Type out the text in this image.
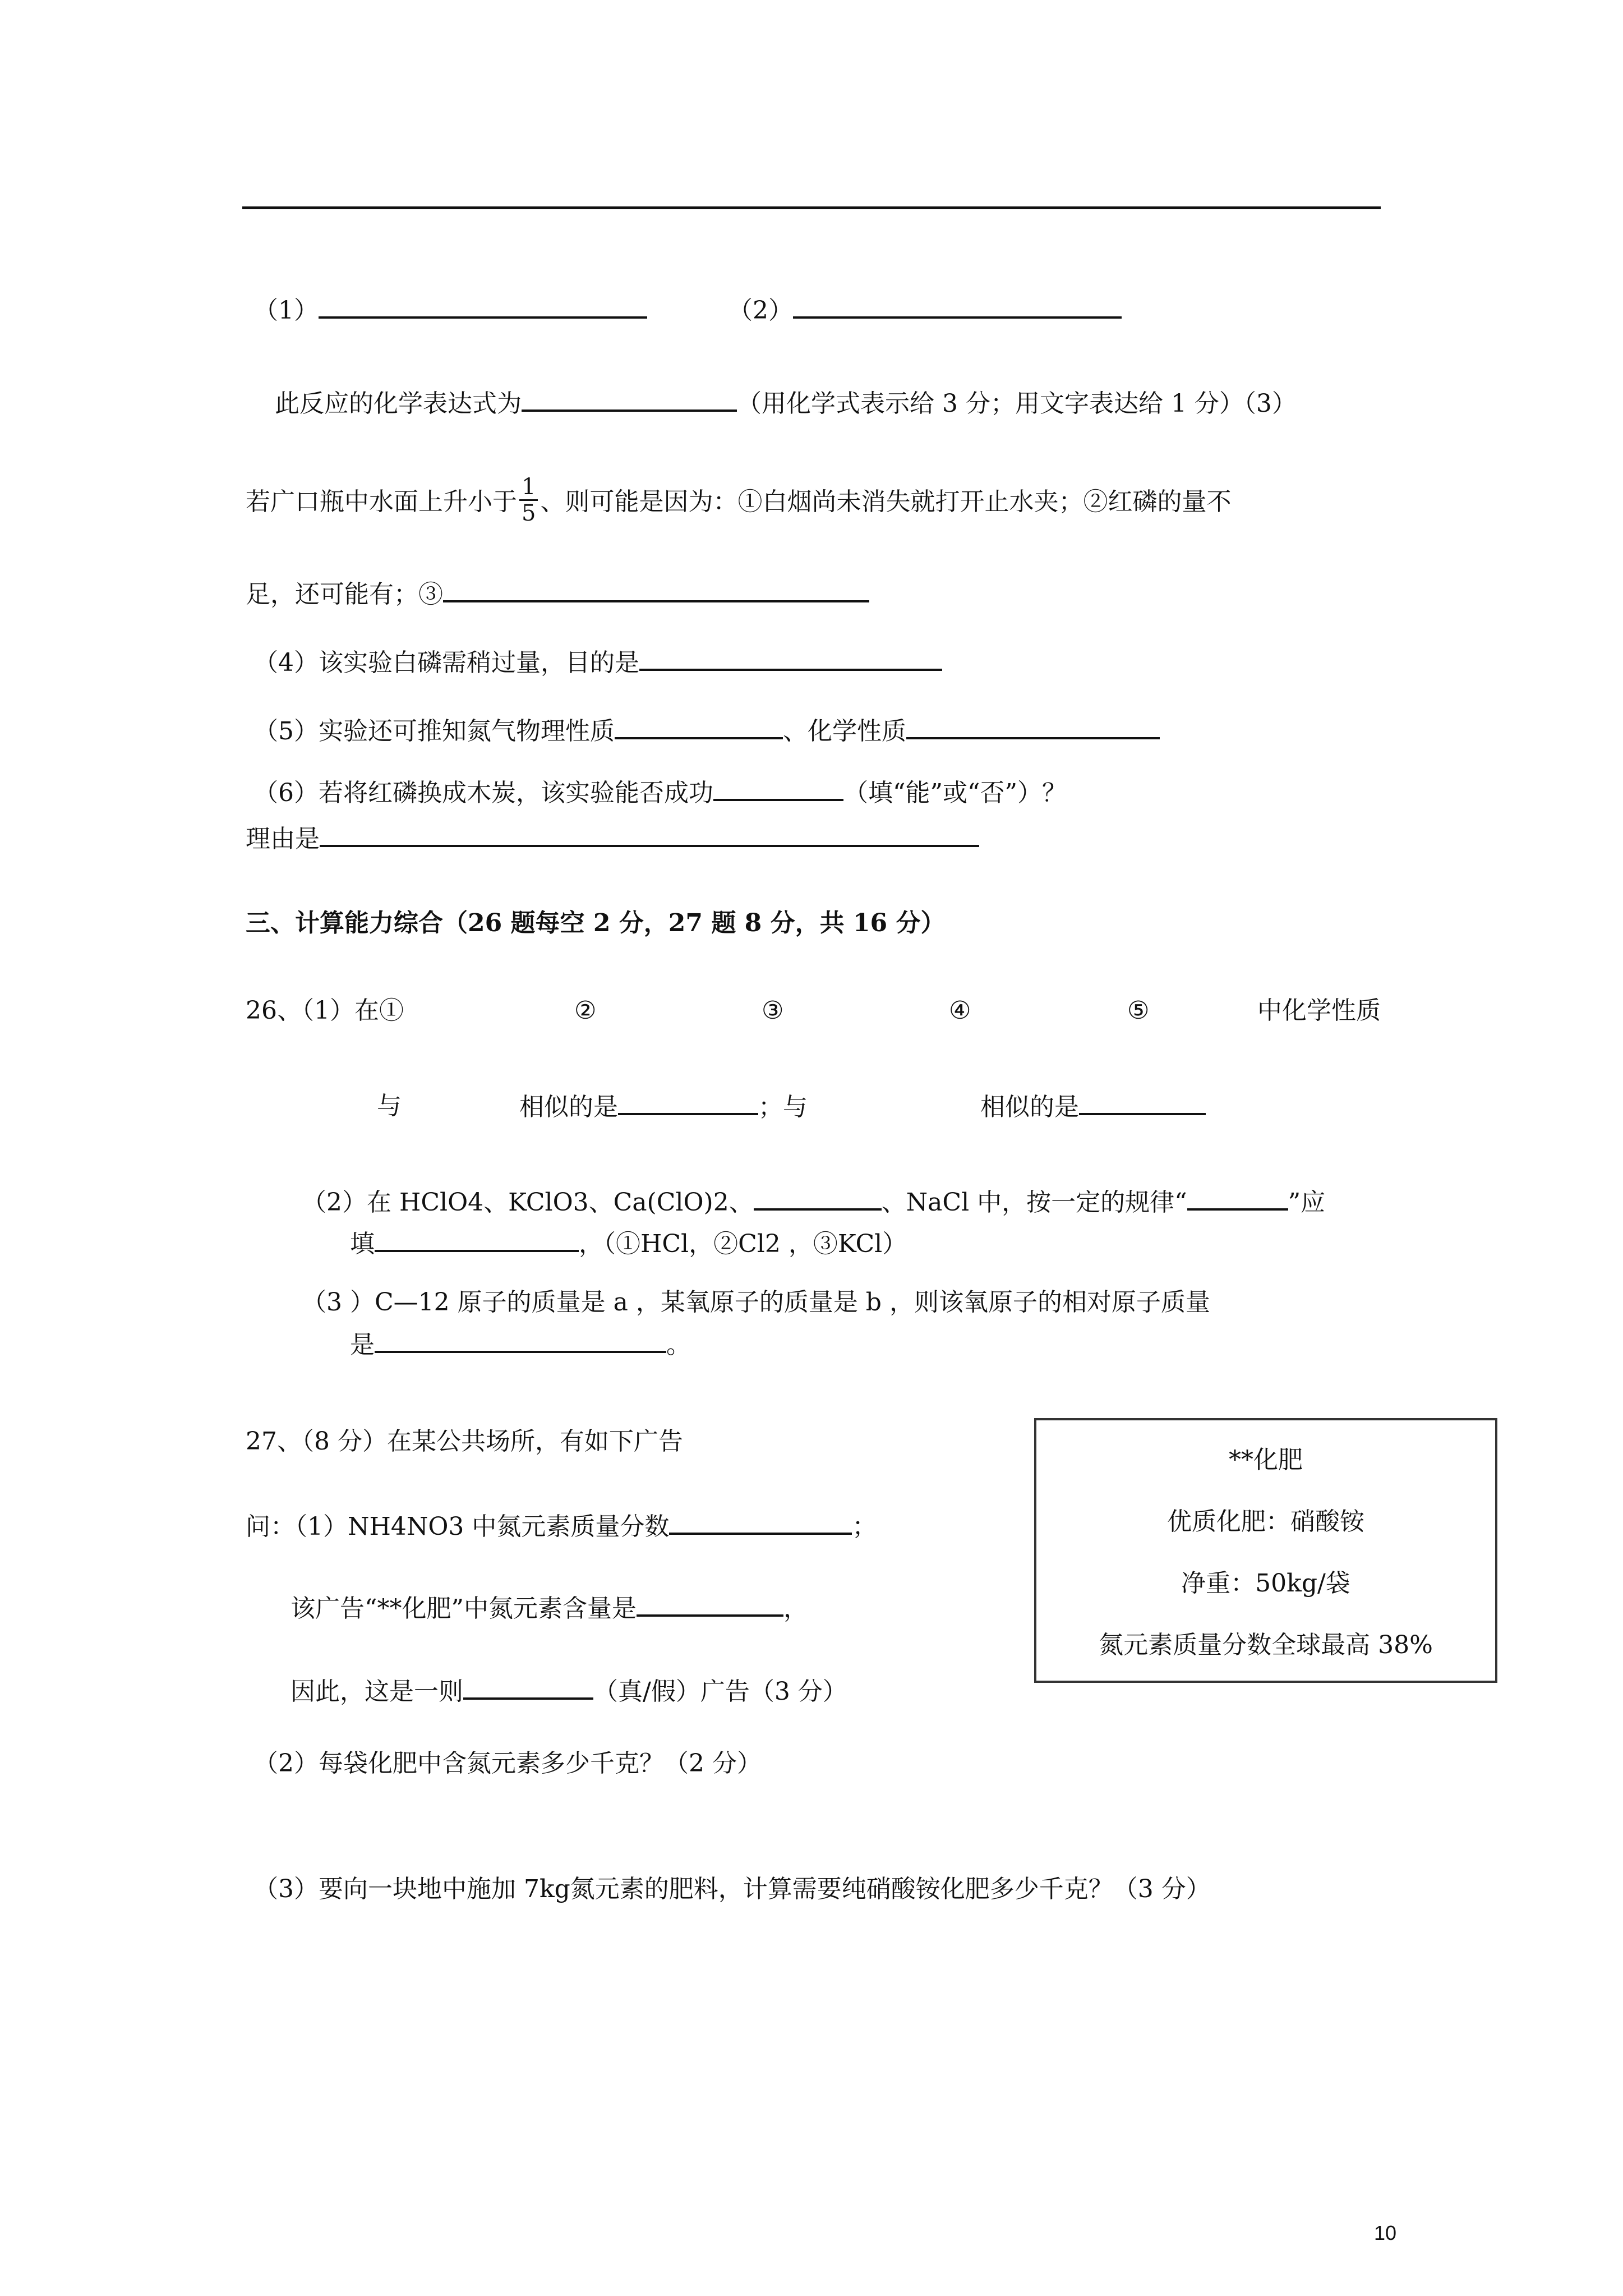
（1）	（2）
此反应的化学表达式为	（用化学式表示给 3 分；用文字表达给 1 分）（3）
若广口瓶中水面上升小于 $\frac{1}{5}$ 、则可能是因为：①白烟尚未消失就打开止水夹；②红磷的量不
足，还可能有；③
（4）该实验白磷需稍过量，目的是
（5）实验还可推知氮气物理性质	、化学性质
（6）若将红磷换成木炭，该实验能否成功	（填“能”或“否”）？
理由是
三、计算能力综合（26 题每空 2 分，27 题 8 分，共 16 分）
26、（1）在①	②	③	④	⑤	中化学性质
与	相似的是	；与	相似的是
（2）在 HClO4、KClO3、Ca(ClO)2、	、NaCl 中，按一定的规律“	”应
填	，（①HCl，②Cl2 ，③KCl）
（3 ）C—12 原子的质量是 a ，某氧原子的质量是 b ，则该氧原子的相对原子质量
是	。
27、（8 分）在某公共场所，有如下广告
问：（1）NH4NO3 中氮元素质量分数	；
该广告“**化肥”中氮元素含量是	，
因此，这是一则	（真/假）广告（3 分）
（2）每袋化肥中含氮元素多少千克？（2 分）
（3）要向一块地中施加 7kg氮元素的肥料，计算需要纯硝酸铵化肥多少千克？（3 分）
**化肥
优质化肥：硝酸铵
净重：50kg/袋
氮元素质量分数全球最高 38%
10
